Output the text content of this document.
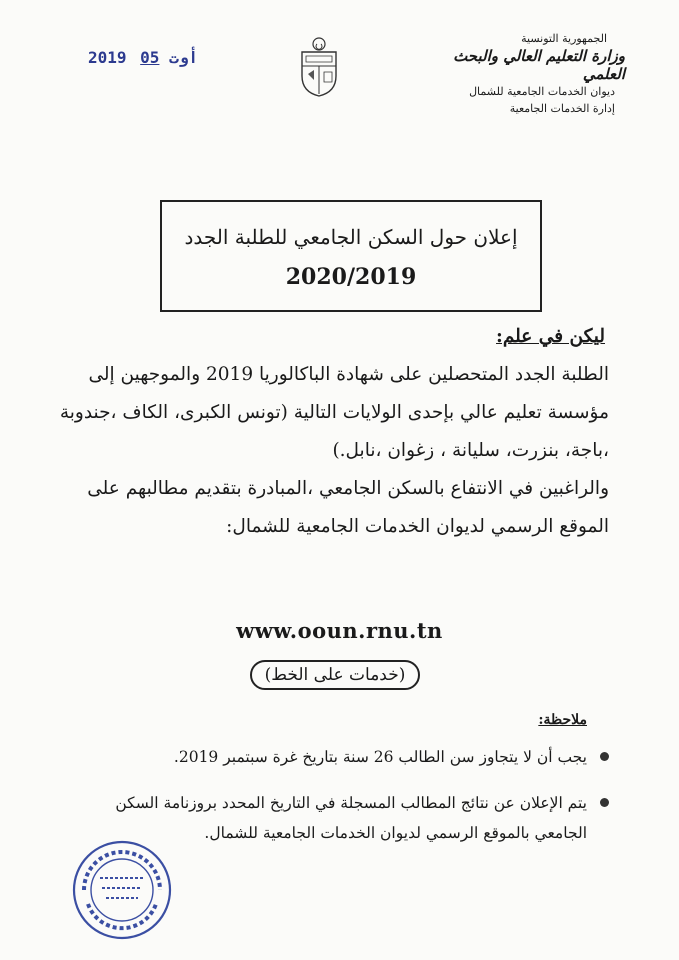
الجمهورية التونسية
وزارة التعليم العالي والبحث العلمي
ديوان الخدمات الجامعية للشمال
إدارة الخدمات الجامعية
2019	أوت 05
إعلان حول السكن الجامعي للطلبة الجدد
2020/2019

ليكن في علم:

الطلبة الجدد المتحصلين على شهادة الباكالوريا 2019 والموجهين إلى مؤسسة تعليم عالي بإحدى الولايات التالية (تونس الكبرى، الكاف ،جندوبة ،باجة، بنزرت، سليانة ، زغوان ،نابل.)

والراغبين في الانتفاع بالسكن الجامعي ،المبادرة بتقديم مطالبهم على الموقع الرسمي لديوان الخدمات الجامعية للشمال:

www.ooun.rnu.tn
(خدمات على الخط)
ملاحظة:
يجب أن لا يتجاوز سن الطالب 26 سنة بتاريخ غرة سبتمبر 2019.
يتم الإعلان عن نتائج المطالب المسجلة في التاريخ المحدد بروزنامة السكن الجامعي بالموقع الرسمي لديوان الخدمات الجامعية للشمال.
